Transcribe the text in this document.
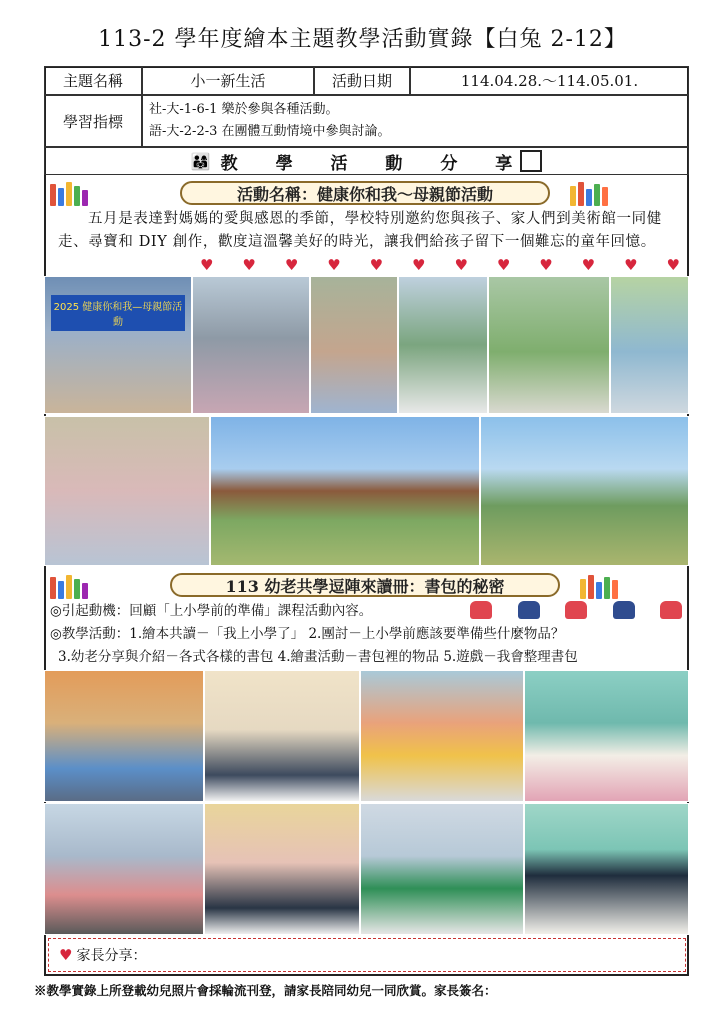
113-2 學年度繪本主題教學活動實錄【白兔 2-12】
主題名稱	小一新生活	活動日期	114.04.28.～114.05.01.
學習指標
社-大-1-6-1 樂於參與各種活動。
語-大-2-2-3 在團體互動情境中參與討論。
👨‍👩‍👧 教 學 活 動 分 享
活動名稱：健康你和我～母親節活動
五月是表達對媽媽的愛與感恩的季節，學校特別邀約您與孩子、家人們到美術館一同健走、尋寶和 DIY 創作，歡度這溫馨美好的時光，讓我們給孩子留下一個難忘的童年回憶。
♥ ♥ ♥ ♥ ♥ ♥ ♥ ♥ ♥ ♥ ♥ ♥
2025 健康你和我—母親節活動
113 幼老共學逗陣來讀冊：書包的秘密
◎引起動機：回顧「上小學前的準備」課程活動內容。
◎教學活動：1.繪本共讀－「我上小學了」 2.團討－上小學前應該要準備些什麼物品？
3.幼老分享與介紹－各式各樣的書包 4.繪畫活動－書包裡的物品 5.遊戲－我會整理書包
♥ 家長分享：
※教學實錄上所登載幼兒照片會採輪流刊登，請家長陪同幼兒一同欣賞。家長簽名：
